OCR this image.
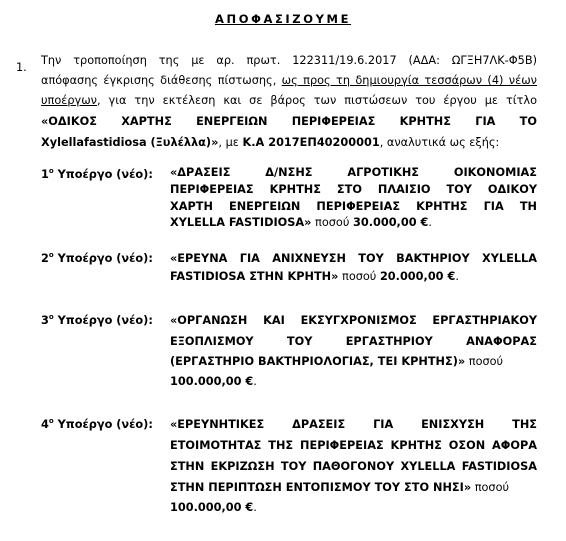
ΑΠΟΦΑΣΙΖΟΥΜΕ
1.
Την τροποποίηση της με αρ. πρωτ. 122311/19.6.2017 (ΑΔΑ: ΩΓΞΗ7ΛΚ-Φ5Β)
απόφασης έγκρισης διάθεσης πίστωσης, ως προς τη δημιουργία τεσσάρων (4) νέων
υποέργων, για την εκτέλεση και σε βάρος των πιστώσεων του έργου με τίτλο
«ΟΔΙΚΟΣ ΧΑΡΤΗΣ ΕΝΕΡΓΕΙΩΝ ΠΕΡΙΦΕΡΕΙΑΣ ΚΡΗΤΗΣ ΓΙΑ ΤΟ
Xylellafastidiosa (Ξυλέλλα)», με Κ.Α 2017ΕΠ40200001, αναλυτικά ως εξής:
$1^o$ Υποέργο (νέο): «ΔΡΑΣΕΙΣ Δ/ΝΣΗΣ ΑΓΡΟΤΙΚΗΣ ΟΙΚΟΝΟΜΙΑΣ
ΠΕΡΙΦΕΡΕΙΑΣ ΚΡΗΤΗΣ ΣΤΟ ΠΛΑΙΣΙΟ ΤΟΥ ΟΔΙΚΟΥ
ΧΑΡΤΗ ΕΝΕΡΓΕΙΩΝ ΠΕΡΙΦΕΡΕΙΑΣ ΚΡΗΤΗΣ ΓΙΑ ΤΗ
XYLELLA FASTIDIOSA» ποσού 30.000,00 €.
$2^o$ Υποέργο (νέο): «ΕΡΕΥΝΑ ΓΙΑ ΑΝΙΧΝΕΥΣΗ ΤΟΥ ΒΑΚΤΗΡΙΟΥ XYLELLA
FASTIDIOSA ΣΤΗΝ ΚΡΗΤΗ» ποσού 20.000,00 €.
$3^o$ Υποέργο (νέο): «ΟΡΓΑΝΩΣΗ ΚΑΙ ΕΚΣΥΓΧΡΟΝΙΣΜΟΣ ΕΡΓΑΣΤΗΡΙΑΚΟΥ
ΕΞΟΠΛΙΣΜΟΥ ΤΟΥ ΕΡΓΑΣΤΗΡΙΟΥ ΑΝΑΦΟΡΑΣ
(ΕΡΓΑΣΤΗΡΙΟ ΒΑΚΤΗΡΙΟΛΟΓΙΑΣ, ΤΕΙ ΚΡΗΤΗΣ)» ποσού
100.000,00 €.
$4^o$ Υποέργο (νέο): «ΕΡΕΥΝΗΤΙΚΕΣ ΔΡΑΣΕΙΣ ΓΙΑ ΕΝΙΣΧΥΣΗ ΤΗΣ
ΕΤΟΙΜΟΤΗΤΑΣ ΤΗΣ ΠΕΡΙΦΕΡΕΙΑΣ ΚΡΗΤΗΣ ΟΣΟΝ ΑΦΟΡΑ
ΣΤΗΝ ΕΚΡΙΖΩΣΗ ΤΟΥ ΠΑΘΟΓΟΝΟΥ XYLELLA FASTIDIOSA
ΣΤΗΝ ΠΕΡΙΠΤΩΣΗ ΕΝΤΟΠΙΣΜΟΥ ΤΟΥ ΣΤΟ ΝΗΣΙ» ποσού
100.000,00 €.
